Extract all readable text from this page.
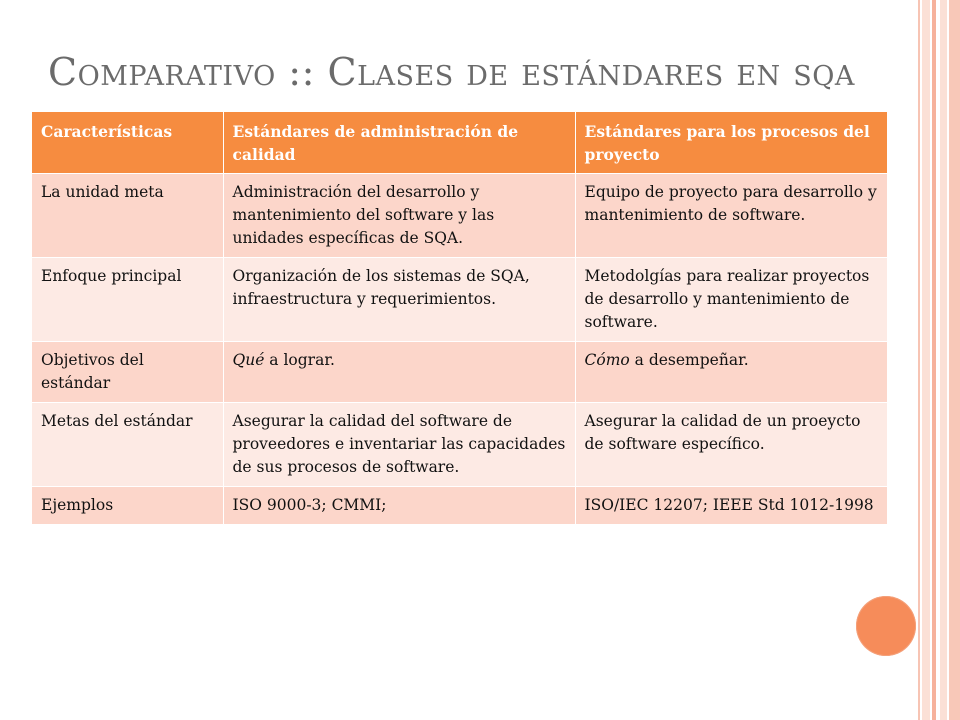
Comparativo :: Clases de estándares en sqa
Características	Estándares de administración de calidad	Estándares para los procesos del proyecto
La unidad meta	Administración del desarrollo y mantenimiento del software y las unidades específicas de SQA.	Equipo de proyecto para desarrollo y mantenimiento de software.
Enfoque principal	Organización de los sistemas de SQA, infraestructura y requerimientos.	Metodolgías para realizar proyectos de desarrollo y mantenimiento de software.
Objetivos del estándar	Qué a lograr.	Cómo a desempeñar.
Metas del estándar	Asegurar la calidad del software de proveedores e inventariar las capacidades de sus procesos de software.	Asegurar la calidad de un proeycto de software específico.
Ejemplos	ISO 9000-3; CMMI;	ISO/IEC 12207; IEEE Std 1012-1998
